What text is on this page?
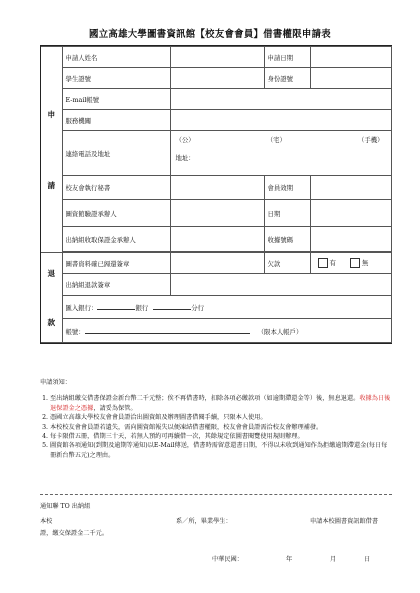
國立高雄大學圖書資訊館【校友會會員】借書權限申請表
申
請	申請人姓名		申請日期	
	學生證號		身份證號	
	E-mail帳號			
	服務機關			
	連絡電話及地址	（公） （宅） （手機）
地址：		

	校友會執行秘書		會員效期	
	圖資館驗證承辦人		日期	
	出納組收取保證金承辦人		收據號碼	

退
款	圖書資料確已歸還簽章		欠款	有 無
	出納組退款簽章			
	匯入銀行： 銀行 分行			
	帳號： （限本人帳戶）			
申請須知：
1. 至出納組繳交借書保證金新台幣二千元整；俟不再借書時，扣除各項必繳款項（如逾期滯還金等）後，無息退還。收據為日後退保證金之憑據，請妥為保管。
2. 憑國立高雄大學校友會會員證洽出圖資館及辦理圖書借閱手續，只限本人使用。
3. 本校校友會會員證若遺失，需向圖資館報失以便凍結借書權限，校友會會員證需洽校友會辦理補發。
4. 每卡限借五冊，借期三十天，若無人預約可再續借一次，其餘規定依圖書閱覽使用規則辦理。
5. 圖資館各項通知(到期及逾期等通知)以E-Mail傳送，借書時需留意還書日期，不得以未收到通知作為拒繳逾期滯還金(每日每冊新台幣五元)之理由。
通知聯 TO 出納組
本校	系／所，畢業學生：	申請本校圖書資訊館借書
證，繳交保證金二千元。
中華民國：	年	月	日
